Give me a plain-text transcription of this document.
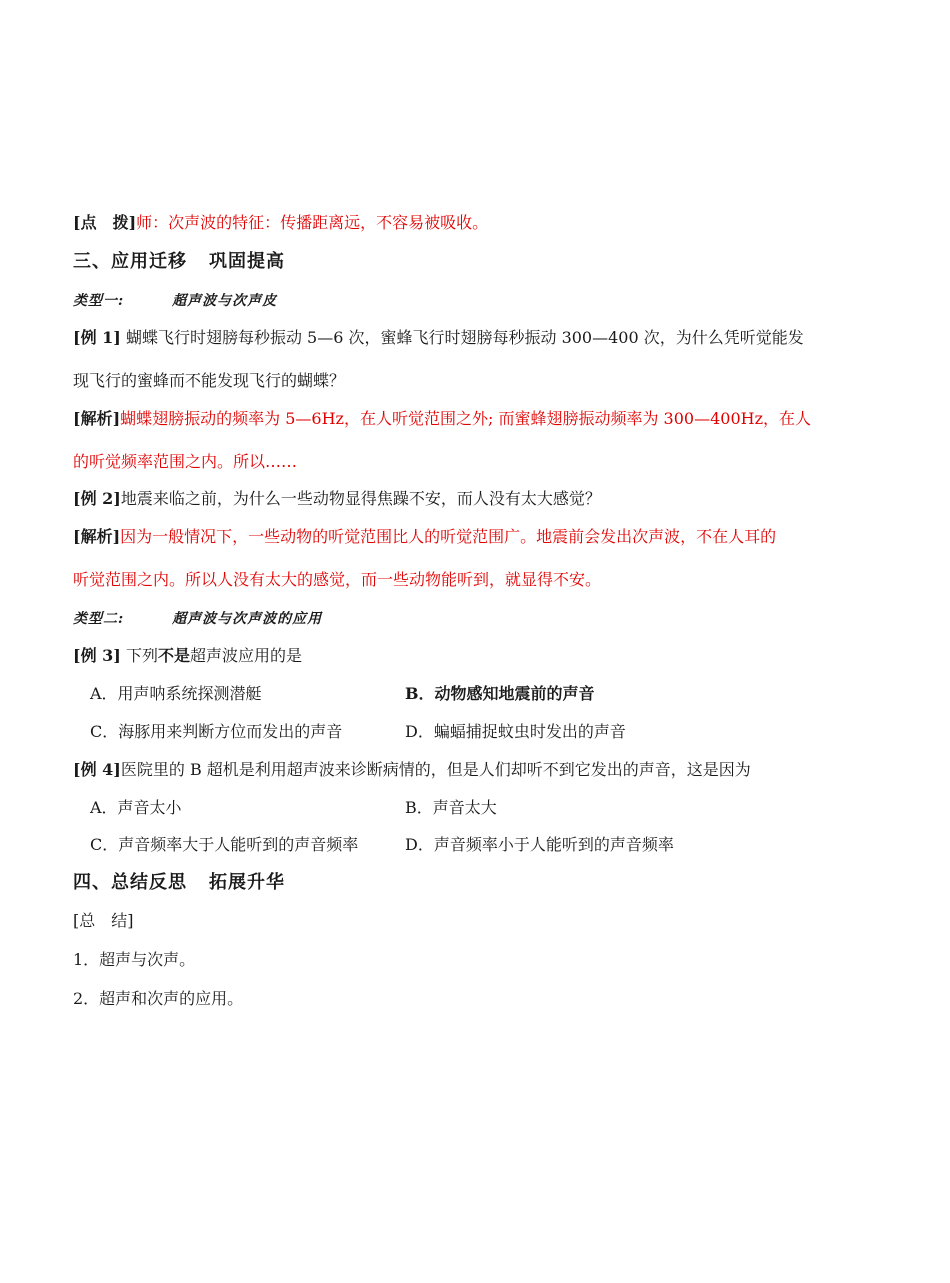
[点　拨]师：次声波的特征：传播距离远，不容易被吸收。
三、应用迁移 巩固提高
类型一:	超声波与次声皮
[例 1] 蝴蝶飞行时翅膀每秒振动 5—6 次，蜜蜂飞行时翅膀每秒振动 300—400 次，为什么凭听觉能发
现飞行的蜜蜂而不能发现飞行的蝴蝶？
[解析]蝴蝶翅膀振动的频率为 5—6Hz，在人听觉范围之外; 而蜜蜂翅膀振动频率为 300—400Hz，在人
的听觉频率范围之内。所以……
[例 2]地震来临之前，为什么一些动物显得焦躁不安，而人没有太大感觉？
[解析]因为一般情况下，一些动物的听觉范围比人的听觉范围广。地震前会发出次声波，不在人耳的
听觉范围之内。所以人没有太大的感觉，而一些动物能听到，就显得不安。
类型二:	超声波与次声波的应用
[例 3] 下列不是超声波应用的是
A．用声呐系统探测潜艇	B．动物感知地震前的声音
C．海豚用来判断方位而发出的声音	D．蝙蝠捕捉蚊虫时发出的声音
[例 4]医院里的 B 超机是利用超声波来诊断病情的，但是人们却听不到它发出的声音，这是因为
A．声音太小	B．声音太大
C．声音频率大于人能听到的声音频率	D．声音频率小于人能听到的声音频率
四、总结反思 拓展升华
[总　结]
1．超声与次声。
2．超声和次声的应用。
